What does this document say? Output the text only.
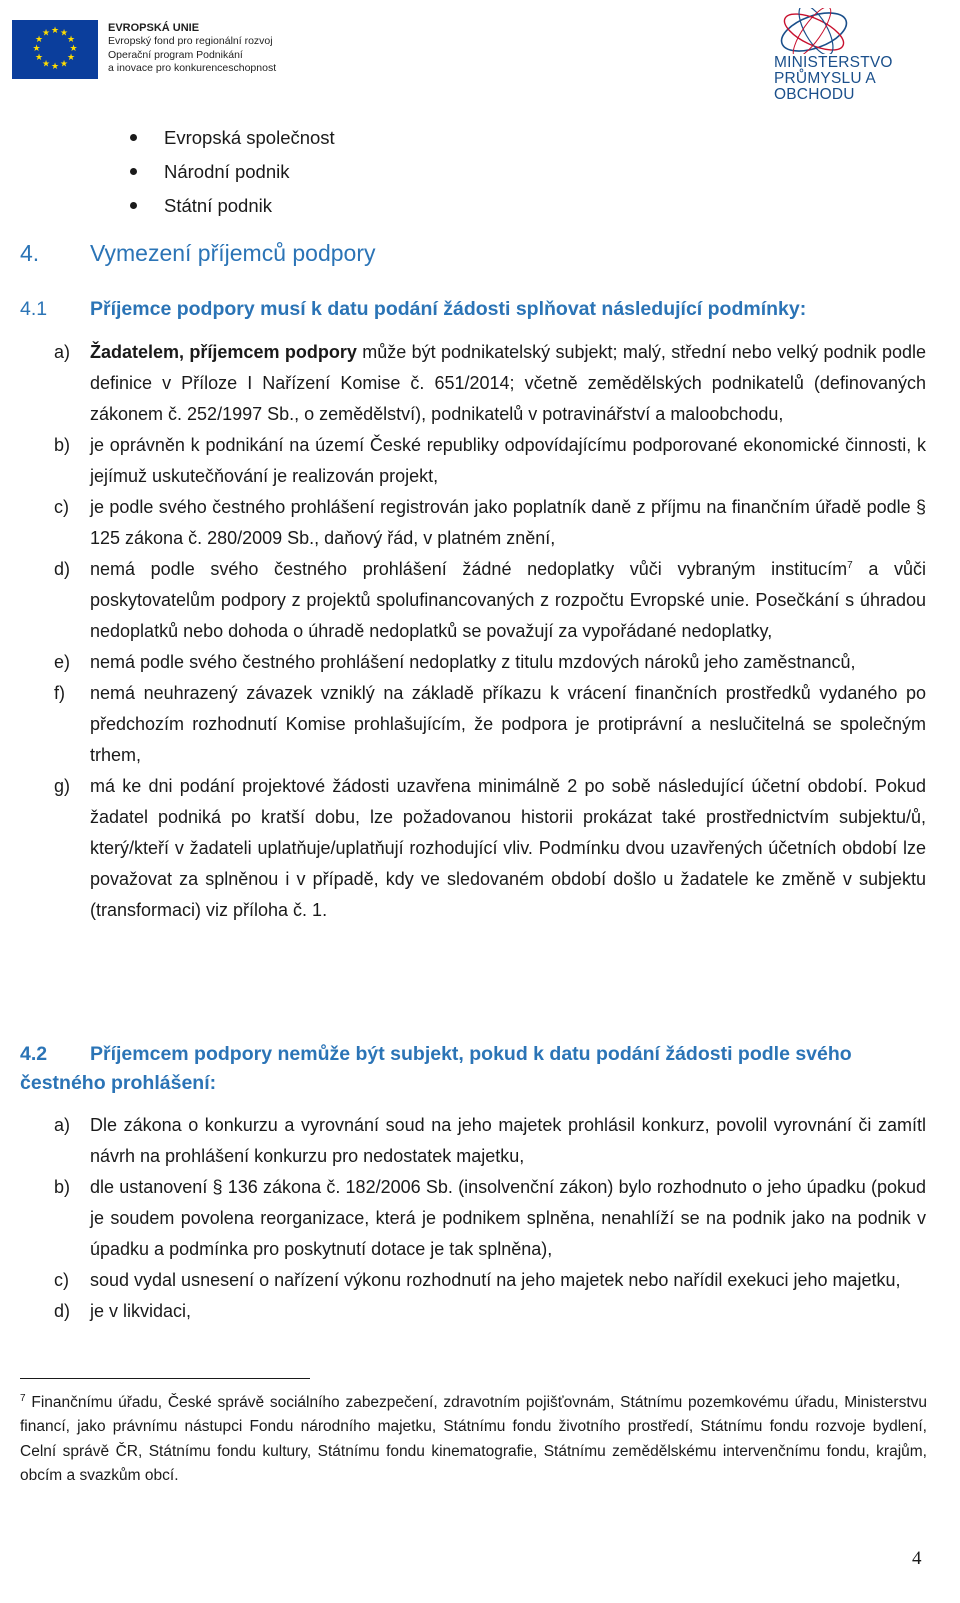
★ ★
★
★
★
★
★
★
★
★
★
★	EVROPSKÁ UNIE
Evropský fond pro regionální rozvoj
Operační program Podnikání
a inovace pro konkurenceschopnost	MINISTERSTVO
PRŮMYSLU A OBCHODU
Evropská společnost
Národní podnik
Státní podnik
4. Vymezení příjemců podpory
4.1 Příjemce podpory musí k datu podání žádosti splňovat následující podmínky:
a) Žadatelem, příjemcem podpory může být podnikatelský subjekt; malý, střední nebo velký podnik podle definice v Příloze I Nařízení Komise č. 651/2014; včetně zemědělských podnikatelů (definovaných zákonem č. 252/1997 Sb., o zemědělství), podnikatelů v potravinářství a maloobchodu,
b) je oprávněn k podnikání na území České republiky odpovídajícímu podporované ekonomické činnosti, k jejímuž uskutečňování je realizován projekt,
c) je podle svého čestného prohlášení registrován jako poplatník daně z příjmu na finančním úřadě podle § 125 zákona č. 280/2009 Sb., daňový řád, v platném znění,
d) nemá podle svého čestného prohlášení žádné nedoplatky vůči vybraným institucím$^7$ a vůči poskytovatelům podpory z projektů spolufinancovaných z rozpočtu Evropské unie. Posečkání s úhradou nedoplatků nebo dohoda o úhradě nedoplatků se považují za vypořádané nedoplatky,
e) nemá podle svého čestného prohlášení nedoplatky z titulu mzdových nároků jeho zaměstnanců,
f) nemá neuhrazený závazek vzniklý na základě příkazu k vrácení finančních prostředků vydaného po předchozím rozhodnutí Komise prohlašujícím, že podpora je protiprávní a neslučitelná se společným trhem,
g) má ke dni podání projektové žádosti uzavřena minimálně 2 po sobě následující účetní období. Pokud žadatel podniká po kratší dobu, lze požadovanou historii prokázat také prostřednictvím subjektu/ů, který/kteří v žadateli uplatňuje/uplatňují rozhodující vliv. Podmínku dvou uzavřených účetních období lze považovat za splněnou i v případě, kdy ve sledovaném období došlo u žadatele ke změně v subjektu (transformaci) viz příloha č. 1.
4.2 Příjemcem podpory nemůže být subjekt, pokud k datu podání žádosti podle svého čestného prohlášení:
a) Dle zákona o konkurzu a vyrovnání soud na jeho majetek prohlásil konkurz, povolil vyrovnání či zamítl návrh na prohlášení konkurzu pro nedostatek majetku,
b) dle ustanovení § 136 zákona č. 182/2006 Sb. (insolvenční zákon) bylo rozhodnuto o jeho úpadku (pokud je soudem povolena reorganizace, která je podnikem splněna, nenahlíží se na podnik jako na podnik v úpadku a podmínka pro poskytnutí dotace je tak splněna),
c) soud vydal usnesení o nařízení výkonu rozhodnutí na jeho majetek nebo nařídil exekuci jeho majetku,
d) je v likvidaci,
$^7$ Finančnímu úřadu, České správě sociálního zabezpečení, zdravotním pojišťovnám, Státnímu pozemkovému úřadu, Ministerstvu financí, jako právnímu nástupci Fondu národního majetku, Státnímu fondu životního prostředí, Státnímu fondu rozvoje bydlení, Celní správě ČR, Státnímu fondu kultury, Státnímu fondu kinematografie, Státnímu zemědělskému intervenčnímu fondu, krajům, obcím a svazkům obcí.
4
